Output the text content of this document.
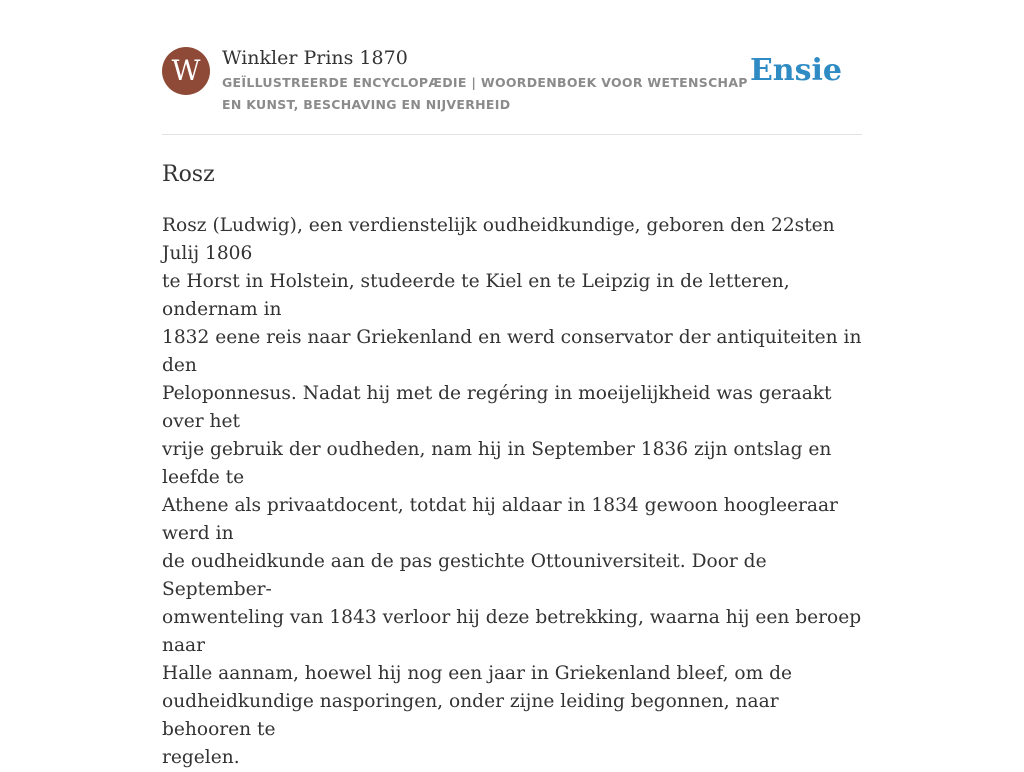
W	Winkler Prins 1870
GEÏLLUSTREERDE ENCYCLOPÆDIE | WOORDENBOEK VOOR WETENSCHAP EN KUNST, BESCHAVING EN NIJVERHEID
Ensie
Rosz

Rosz (Ludwig), een verdienstelijk oudheidkundige, geboren den 22sten Julij 1806
te Horst in Holstein, studeerde te Kiel en te Leipzig in de letteren, ondernam in
1832 eene reis naar Griekenland en werd conservator der antiquiteiten in den
Peloponnesus. Nadat hij met de regéring in moeijelijkheid was geraakt over het
vrije gebruik der oudheden, nam hij in September 1836 zijn ontslag en leefde te
Athene als privaatdocent, totdat hij aldaar in 1834 gewoon hoogleeraar werd in
de oudheidkunde aan de pas gestichte Ottouniversiteit. Door de September-
omwenteling van 1843 verloor hij deze betrekking, waarna hij een beroep naar
Halle aannam, hoewel hij nog een jaar in Griekenland bleef, om de
oudheidkundige nasporingen, onder zijne leiding begonnen, naar behooren te
regelen.
